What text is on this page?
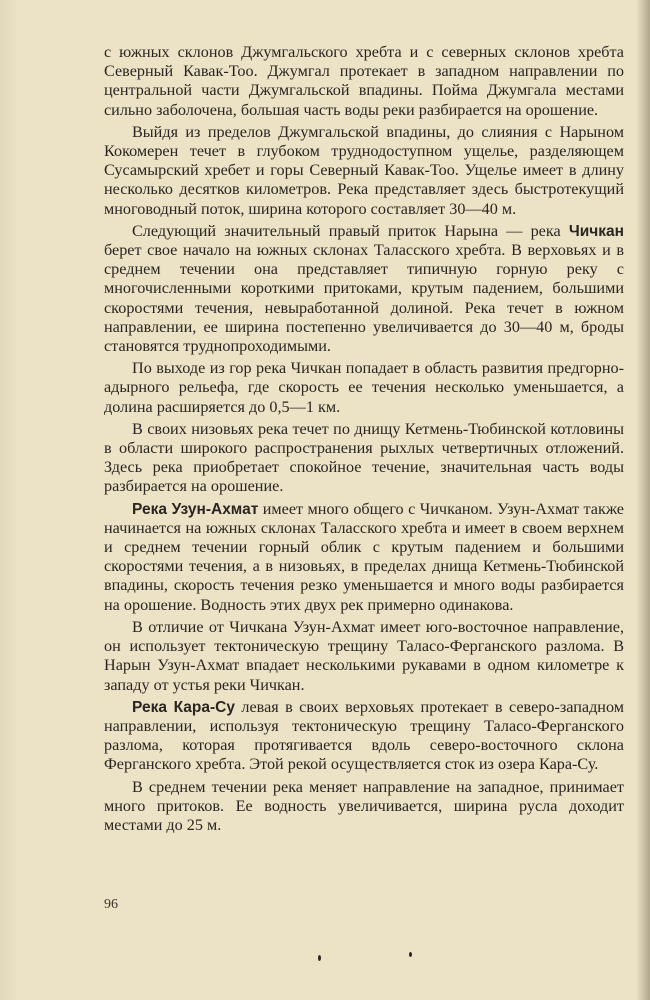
с южных склонов Джумгальского хребта и с северных склонов хребта Северный Кавак-Тоо. Джумгал протекает в западном направлении по центральной части Джумгальской впадины. Пойма Джумгала местами сильно заболочена, большая часть воды реки разбирается на орошение.

Выйдя из пределов Джумгальской впадины, до слияния с Нарыном Кокомерен течет в глубоком труднодоступном ущелье, разделяющем Сусамырский хребет и горы Северный Кавак-Тоо. Ущелье имеет в длину несколько десятков километров. Река представляет здесь быстротекущий многоводный поток, ширина которого составляет 30—40 м.

Следующий значительный правый приток Нарына — река Чичкан берет свое начало на южных склонах Таласского хребта. В верховьях и в среднем течении она представляет типичную горную реку с многочисленными короткими притоками, крутым падением, большими скоростями течения, невыработанной долиной. Река течет в южном направлении, ее ширина постепенно увеличивается до 30—40 м, броды становятся труднопроходимыми.

По выходе из гор река Чичкан попадает в область развития предгорно-адырного рельефа, где скорость ее течения несколько уменьшается, а долина расширяется до 0,5—1 км.

В своих низовьях река течет по днищу Кетмень-Тюбинской котловины в области широкого распространения рыхлых четвертичных отложений. Здесь река приобретает спокойное течение, значительная часть воды разбирается на орошение.

Река Узун-Ахмат имеет много общего с Чичканом. Узун-Ахмат также начинается на южных склонах Таласского хребта и имеет в своем верхнем и среднем течении горный облик с крутым падением и большими скоростями течения, а в низовьях, в пределах днища Кетмень-Тюбинской впадины, скорость течения резко уменьшается и много воды разбирается на орошение. Водность этих двух рек примерно одинакова.

В отличие от Чичкана Узун-Ахмат имеет юго-восточное направление, он использует тектоническую трещину Таласо-Ферганского разлома. В Нарын Узун-Ахмат впадает несколькими рукавами в одном километре к западу от устья реки Чичкан.

Река Кара-Су левая в своих верховьях протекает в северо-западном направлении, используя тектоническую трещину Таласо-Ферганского разлома, которая протягивается вдоль северо-восточного склона Ферганского хребта. Этой рекой осуществляется сток из озера Кара-Су.

В среднем течении река меняет направление на западное, принимает много притоков. Ее водность увеличивается, ширина русла доходит местами до 25 м.

96
